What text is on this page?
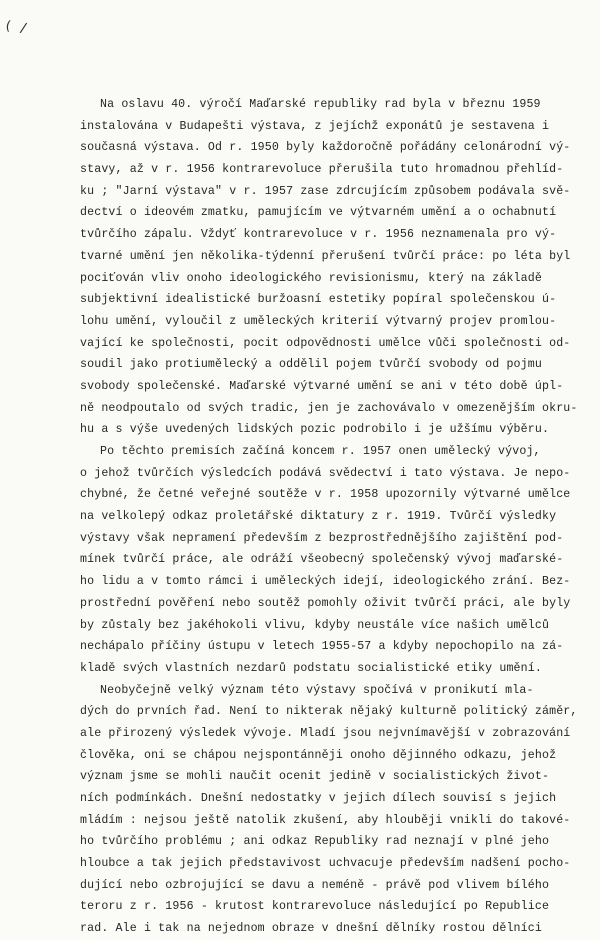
( /
Na oslavu 40. výročí Maďarské republiky rad byla v březnu 1959
instalována v Budapešti výstava, z jejíchž exponátů je sestavena i
současná výstava. Od r. 1950 byly každoročně pořádány celonárodní vý-
stavy, až v r. 1956 kontrarevoluce přerušila tuto hromadnou přehlíd-
ku ; "Jarní výstava" v r. 1957 zase zdrcujícím způsobem podávala svě-
dectví o ideovém zmatku, pamujícím ve výtvarném umění a o ochabnutí
tvůrčího zápalu. Vždyť kontrarevoluce v r. 1956 neznamenala pro vý-
tvarné umění jen několika-týdenní přerušení tvůrčí práce: po léta byl
pociťován vliv onoho ideologického revisionismu, který na základě
subjektivní idealistické buržoasní estetiky popíral společenskou ú-
lohu umění, vyloučil z uměleckých kriterií výtvarný projev promlou-
vající ke společnosti, pocit odpovědnosti umělce vůči společnosti od-
soudil jako protiumělecký a oddělil pojem tvůrčí svobody od pojmu
svobody společenské. Maďarské výtvarné umění se ani v této době úpl-
ně neodpoutalo od svých tradic, jen je zachovávalo v omezenějším okru-
hu a s výše uvedených lidských pozic podrobilo i je užšímu výběru.
Po těchto premisích začíná koncem r. 1957 onen umělecký vývoj,
o jehož tvůrčích výsledcích podává svědectví i tato výstava. Je nepo-
chybné, že četné veřejné soutěže v r. 1958 upozornily výtvarné umělce
na velkolepý odkaz proletářské diktatury z r. 1919. Tvůrčí výsledky
výstavy však nepramení především z bezprostřednějšího zajištění pod-
mínek tvůrčí práce, ale odráží všeobecný společenský vývoj maďarské-
ho lidu a v tomto rámci i uměleckých idejí, ideologického zrání. Bez-
prostřední pověření nebo soutěž pomohly oživit tvůrčí práci, ale byly
by zůstaly bez jakéhokoli vlivu, kdyby neustále více našich umělců
nechápalo příčiny ústupu v letech 1955-57 a kdyby nepochopilo na zá-
kladě svých vlastních nezdarů podstatu socialistické etiky umění.
Neobyčejně velký význam této výstavy spočívá v pronikutí mla-
dých do prvních řad. Není to nikterak nějaký kulturně politický záměr,
ale přirozený výsledek vývoje. Mladí jsou nejvnímavější v zobrazování
člověka, oni se chápou nejspontánněji onoho dějinného odkazu, jehož
význam jsme se mohli naučit ocenit jedině v socialistických život-
ních podmínkách. Dnešní nedostatky v jejich dílech souvisí s jejich
mládím : nejsou ještě natolik zkušení, aby hlouběji vnikli do takové-
ho tvůrčího problému ; ani odkaz Republiky rad neznají v plné jeho
hloubce a tak jejich představivost uchvacuje především nadšení pocho-
dující nebo ozbrojující se davu a neméně - právě pod vlivem bílého
teroru z r. 1956 - krutost kontrarevoluce následující po Republice
rad. Ale i tak na nejednom obraze v dnešní dělníky rostou dělníci
